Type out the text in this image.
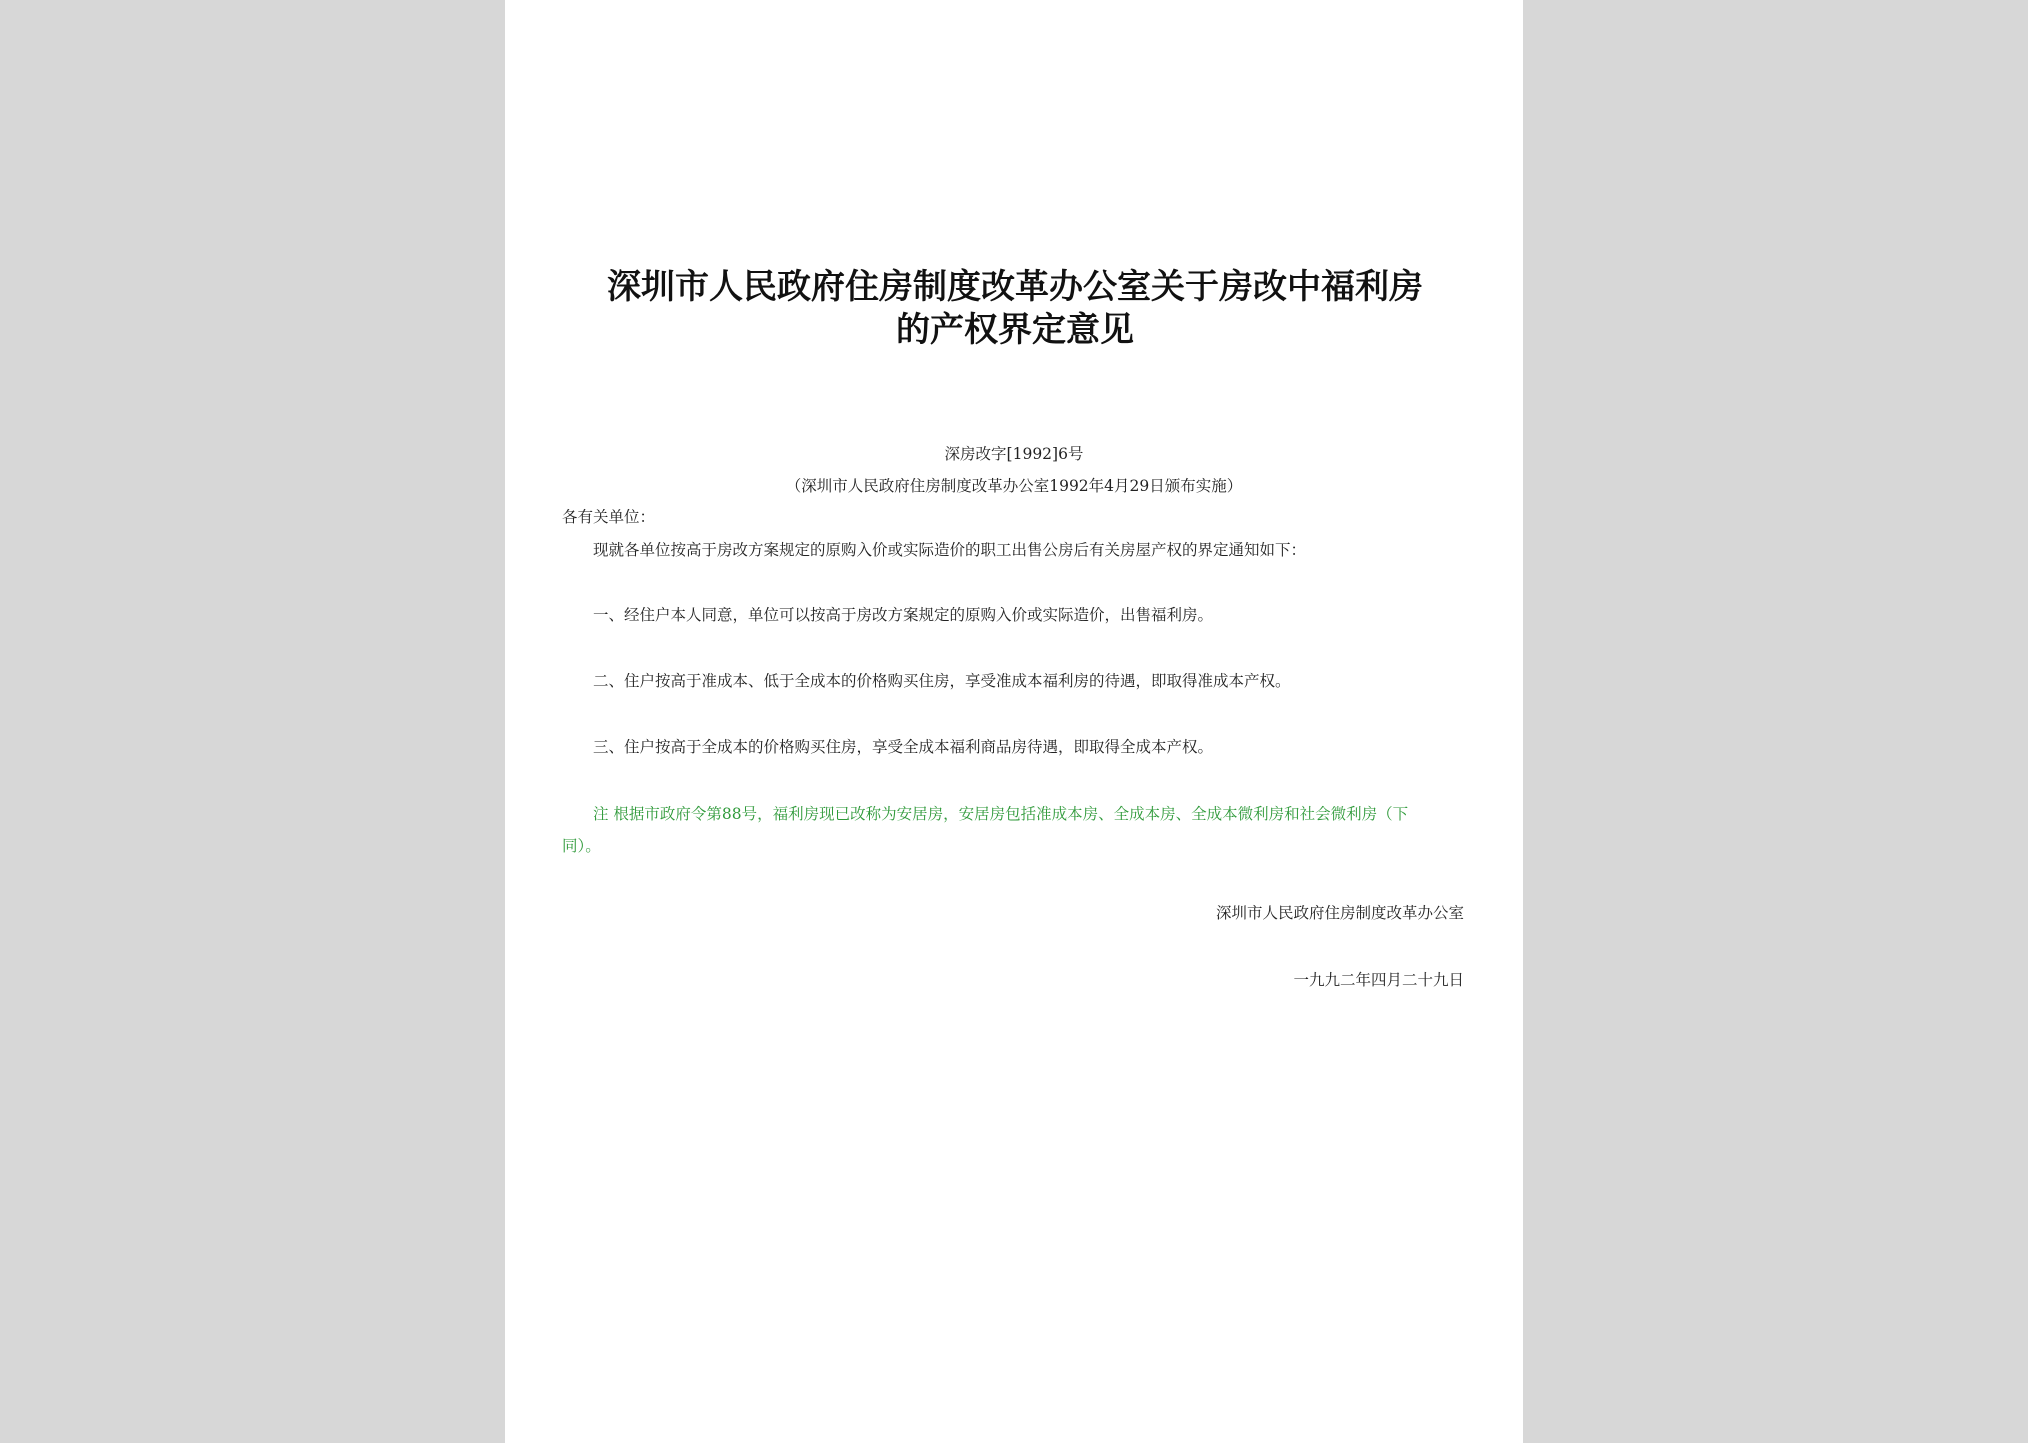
深圳市人民政府住房制度改革办公室关于房改中福利房
的产权界定意见
深房改字[1992]6号
（深圳市人民政府住房制度改革办公室1992年4月29日颁布实施）
各有关单位：
现就各单位按高于房改方案规定的原购入价或实际造价的职工出售公房后有关房屋产权的界定通知如下：
一、经住户本人同意，单位可以按高于房改方案规定的原购入价或实际造价，出售福利房。
二、住户按高于准成本、低于全成本的价格购买住房，享受准成本福利房的待遇，即取得准成本产权。
三、住户按高于全成本的价格购买住房，享受全成本福利商品房待遇，即取得全成本产权。
注 根据市政府令第88号，福利房现已改称为安居房，安居房包括准成本房、全成本房、全成本微利房和社会微利房（下
同）。
深圳市人民政府住房制度改革办公室
一九九二年四月二十九日
